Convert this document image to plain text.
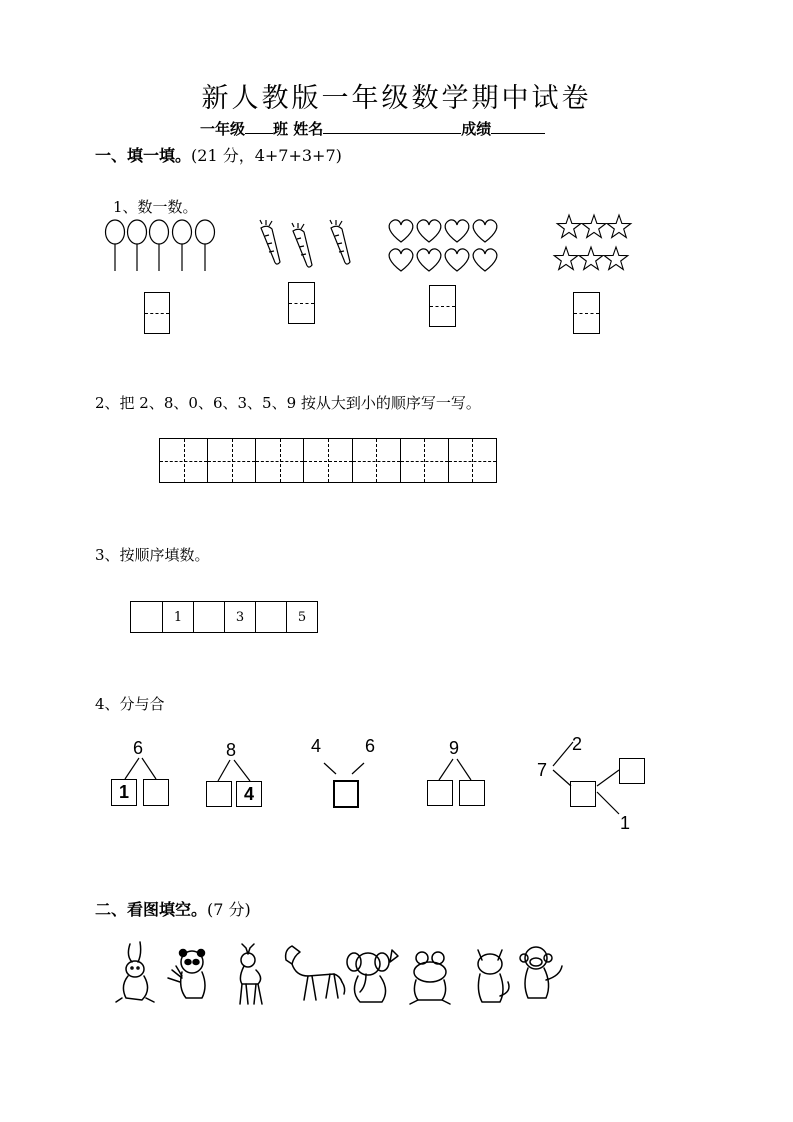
新人教版一年级数学期中试卷
一年级 班 姓名	成绩
一、填一填。(21 分，4+7+3+7)
1、数一数。
2、把 2、8、0、6、3、5、9 按从大到小的顺序写一写。
3、按顺序填数。
1	3	5
4、分与合
6
1
8
4
4 6	9	2
7
1
二、看图填空。(7 分)
